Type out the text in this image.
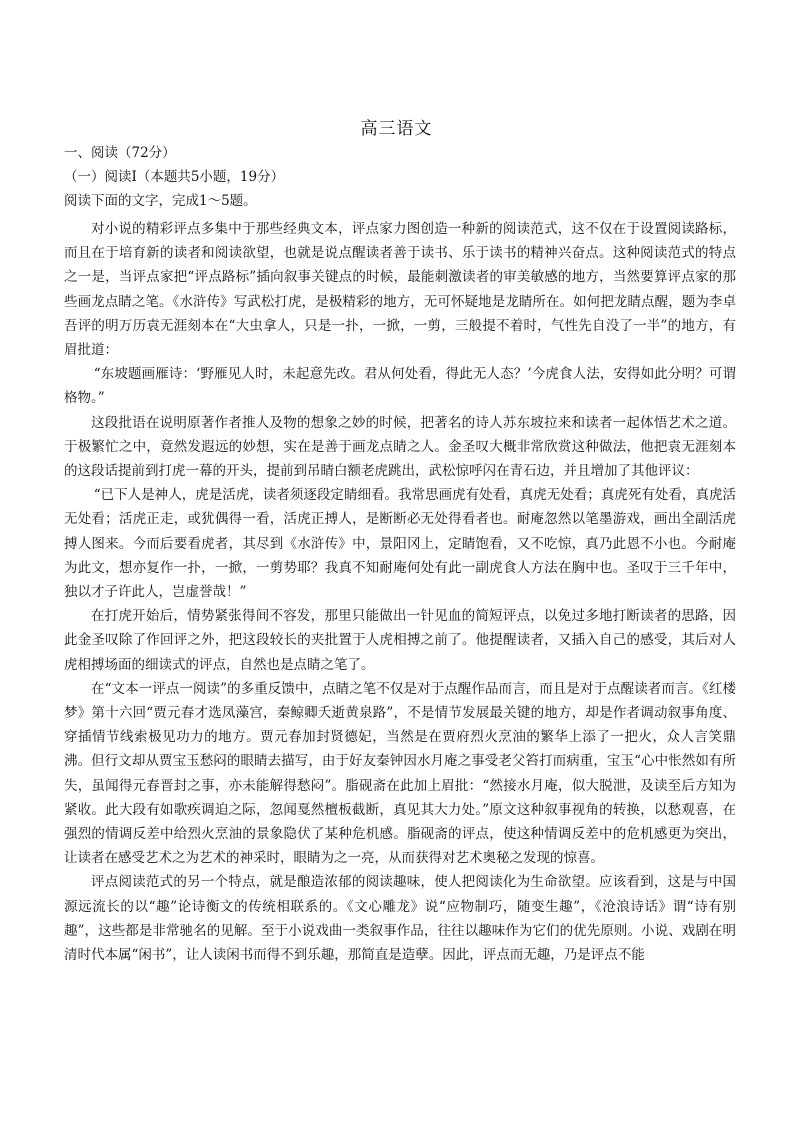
高三语文
一、阅读（72分）
（一）阅读Ⅰ（本题共5小题，19分）
阅读下面的文字，完成1～5题。

对小说的精彩评点多集中于那些经典文本，评点家力图创造一种新的阅读范式，这不仅在于设置阅读路标，而且在于培育新的读者和阅读欲望，也就是说点醒读者善于读书、乐于读书的精神兴奋点。这种阅读范式的特点之一是，当评点家把“评点路标”插向叙事关键点的时候，最能刺激读者的审美敏感的地方，当然要算评点家的那些画龙点睛之笔。《水浒传》写武松打虎，是极精彩的地方，无可怀疑地是龙睛所在。如何把龙睛点醒，题为李卓吾评的明万历袁无涯刻本在“大虫拿人，只是一扑，一掀，一剪，三般提不着时，气性先自没了一半”的地方，有眉批道：

“东坡题画雁诗：‘野雁见人时，未起意先改。君从何处看，得此无人态？’今虎食人法，安得如此分明？可谓格物。”

这段批语在说明原著作者推人及物的想象之妙的时候，把著名的诗人苏东坡拉来和读者一起体悟艺术之道。于极繁忙之中，竟然发遐远的妙想，实在是善于画龙点睛之人。金圣叹大概非常欣赏这种做法，他把袁无涯刻本的这段话提前到打虎一幕的开头，提前到吊睛白额老虎跳出，武松惊呼闪在青石边，并且增加了其他评议：

“已下人是神人，虎是活虎，读者须逐段定睛细看。我常思画虎有处看，真虎无处看；真虎死有处看，真虎活无处看；活虎正走，或犹偶得一看，活虎正搏人，是断断必无处得看者也。耐庵忽然以笔墨游戏，画出全副活虎搏人图来。今而后要看虎者，其尽到《水浒传》中，景阳冈上，定睛饱看，又不吃惊，真乃此恩不小也。今耐庵为此文，想亦复作一扑，一掀，一剪势耶？我真不知耐庵何处有此一副虎食人方法在胸中也。圣叹于三千年中，独以才子许此人，岂虚誉哉！”

在打虎开始后，情势紧张得间不容发，那里只能做出一针见血的简短评点，以免过多地打断读者的思路，因此金圣叹除了作回评之外，把这段较长的夹批置于人虎相搏之前了。他提醒读者，又插入自己的感受，其后对人虎相搏场面的细读式的评点，自然也是点睛之笔了。

在“文本一评点一阅读”的多重反馈中，点睛之笔不仅是对于点醒作品而言，而且是对于点醒读者而言。《红楼梦》第十六回“贾元春才选凤藻宫，秦鲸卿夭逝黄泉路”，不是情节发展最关键的地方，却是作者调动叙事角度、穿插情节线索极见功力的地方。贾元春加封贤德妃，当然是在贾府烈火烹油的繁华上添了一把火，众人言笑鼎沸。但行文却从贾宝玉愁闷的眼睛去描写，由于好友秦钟因水月庵之事受老父笞打而病重，宝玉“心中怅然如有所失，虽闻得元春晋封之事，亦未能解得愁闷”。脂砚斋在此加上眉批：“然接水月庵，似大脱泄，及读至后方知为紧收。此大段有如歌疾调迫之际，忽闻戛然檀板截断，真见其大力处。”原文这种叙事视角的转换，以愁观喜，在强烈的情调反差中给烈火烹油的景象隐伏了某种危机感。脂砚斋的评点，使这种情调反差中的危机感更为突出，让读者在感受艺术之为艺术的神采时，眼睛为之一亮，从而获得对艺术奥秘之发现的惊喜。

评点阅读范式的另一个特点，就是酿造浓郁的阅读趣味，使人把阅读化为生命欲望。应该看到，这是与中国源远流长的以“趣”论诗衡文的传统相联系的。《文心雕龙》说“应物制巧，随变生趣”，《沧浪诗话》谓“诗有别趣”，这些都是非常驰名的见解。至于小说戏曲一类叙事作品，往往以趣味作为它们的优先原则。小说、戏剧在明清时代本属“闲书”，让人读闲书而得不到乐趣，那简直是造孽。因此，评点而无趣，乃是评点不能
